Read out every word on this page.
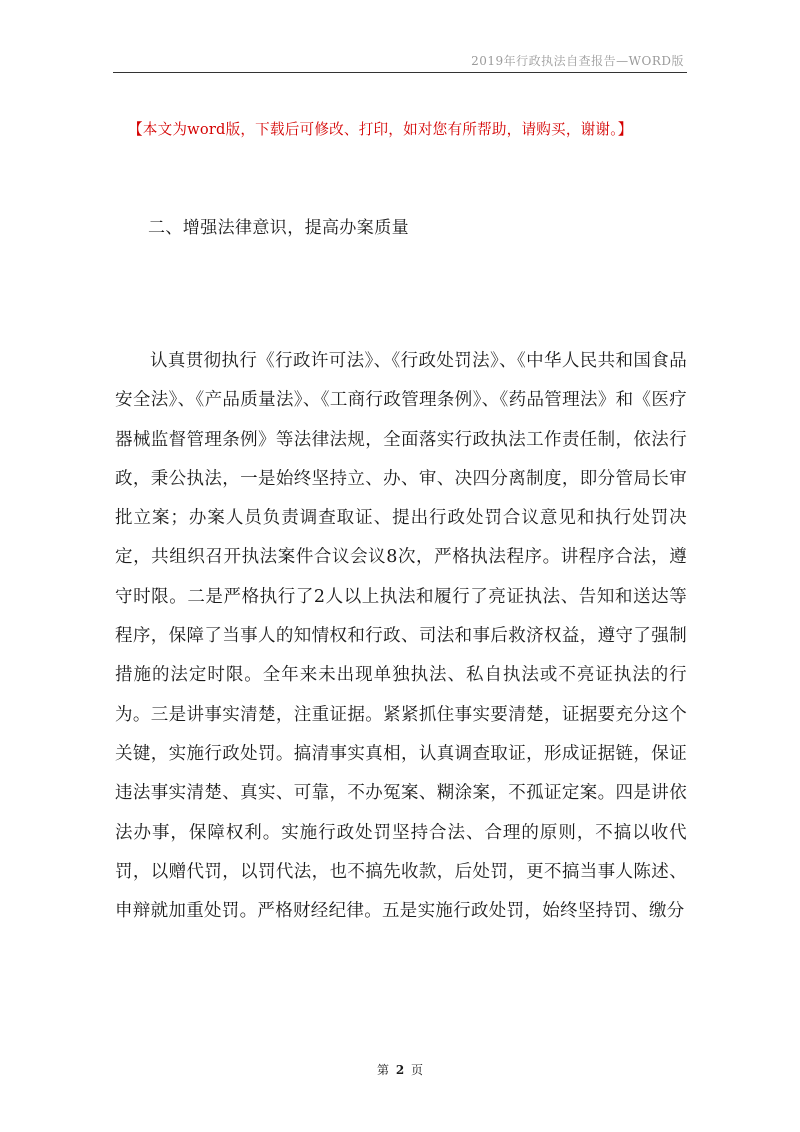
2019年行政执法自查报告—WORD版
【本文为word版，下载后可修改、打印，如对您有所帮助，请购买，谢谢。】
二、增强法律意识，提高办案质量
认真贯彻执行《行政许可法》、《行政处罚法》、《中华人民共和国食品安全法》、《产品质量法》、《工商行政管理条例》、《药品管理法》和《医疗器械监督管理条例》等法律法规，全面落实行政执法工作责任制，依法行政，秉公执法，一是始终坚持立、办、审、决四分离制度，即分管局长审批立案；办案人员负责调查取证、提出行政处罚合议意见和执行处罚决定，共组织召开执法案件合议会议8次，严格执法程序。讲程序合法，遵守时限。二是严格执行了2人以上执法和履行了亮证执法、告知和送达等程序，保障了当事人的知情权和行政、司法和事后救济权益，遵守了强制措施的法定时限。全年来未出现单独执法、私自执法或不亮证执法的行为。三是讲事实清楚，注重证据。紧紧抓住事实要清楚，证据要充分这个关键，实施行政处罚。搞清事实真相，认真调查取证，形成证据链，保证违法事实清楚、真实、可靠，不办冤案、糊涂案，不孤证定案。四是讲依法办事，保障权利。实施行政处罚坚持合法、合理的原则，不搞以收代罚，以赠代罚，以罚代法，也不搞先收款，后处罚，更不搞当事人陈述、申辩就加重处罚。严格财经纪律。五是实施行政处罚，始终坚持罚、缴分
第 2 页
